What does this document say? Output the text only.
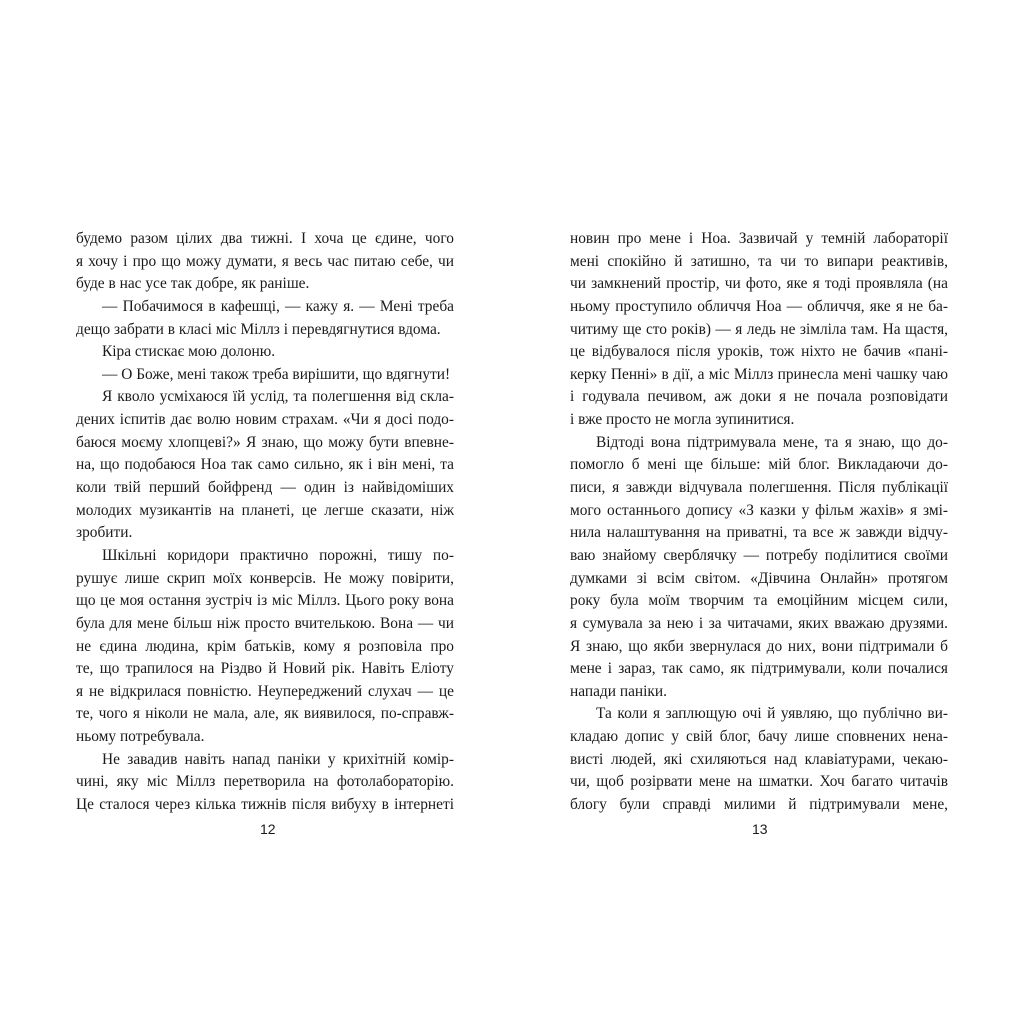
будемо разом цілих два тижні. І хоча це єдине, чого
я хочу і про що можу думати, я весь час питаю себе, чи
буде в нас усе так добре, як раніше.
— Побачимося в кафешці, — кажу я. — Мені треба
дещо забрати в класі міс Міллз і перевдягнутися вдома.
Кіра стискає мою долоню.
— О Боже, мені також треба вирішити, що вдягнути!
Я кволо усміхаюся їй услід, та полегшення від скла-
дених іспитів дає волю новим страхам. «Чи я досі подо-
баюся моєму хлопцеві?» Я знаю, що можу бути впевне-
на, що подобаюся Ноа так само сильно, як і він мені, та
коли твій перший бойфренд — один із найвідоміших
молодих музикантів на планеті, це легше сказати, ніж
зробити.
Шкільні коридори практично порожні, тишу по-
рушує лише скрип моїх конверсів. Не можу повірити,
що це моя остання зустріч із міс Міллз. Цього року вона
була для мене більш ніж просто вчителькою. Вона — чи
не єдина людина, крім батьків, кому я розповіла про
те, що трапилося на Різдво й Новий рік. Навіть Еліоту
я не відкрилася повністю. Неупереджений слухач — це
те, чого я ніколи не мала, але, як виявилося, по-справж-
ньому потребувала.
Не завадив навіть напад паніки у крихітній комір-
чині, яку міс Міллз перетворила на фотолабораторію.
Це сталося через кілька тижнів після вибуху в інтернеті
новин про мене і Ноа. Зазвичай у темній лабораторії
мені спокійно й затишно, та чи то випари реактивів,
чи замкнений простір, чи фото, яке я тоді проявляла (на
ньому проступило обличчя Ноа — обличчя, яке я не ба-
читиму ще сто років) — я ледь не зімліла там. На щастя,
це відбувалося після уроків, тож ніхто не бачив «пані-
керку Пенні» в дії, а міс Міллз принесла мені чашку чаю
і годувала печивом, аж доки я не почала розповідати
і вже просто не могла зупинитися.
Відтоді вона підтримувала мене, та я знаю, що до-
помогло б мені ще більше: мій блог. Викладаючи до-
писи, я завжди відчувала полегшення. Після публікації
мого останнього допису «З казки у фільм жахів» я змі-
нила налаштування на приватні, та все ж завжди відчу-
ваю знайому сверблячку — потребу поділитися своїми
думками зі всім світом. «Дівчина Онлайн» протягом
року була моїм творчим та емоційним місцем сили,
я сумувала за нею і за читачами, яких вважаю друзями.
Я знаю, що якби звернулася до них, вони підтримали б
мене і зараз, так само, як підтримували, коли почалися
напади паніки.
Та коли я заплющую очі й уявляю, що публічно ви-
кладаю допис у свій блог, бачу лише сповнених нена-
висті людей, які схиляються над клавіатурами, чекаю-
чи, щоб розірвати мене на шматки. Хоч багато читачів
блогу були справді милими й підтримували мене,
12	13
